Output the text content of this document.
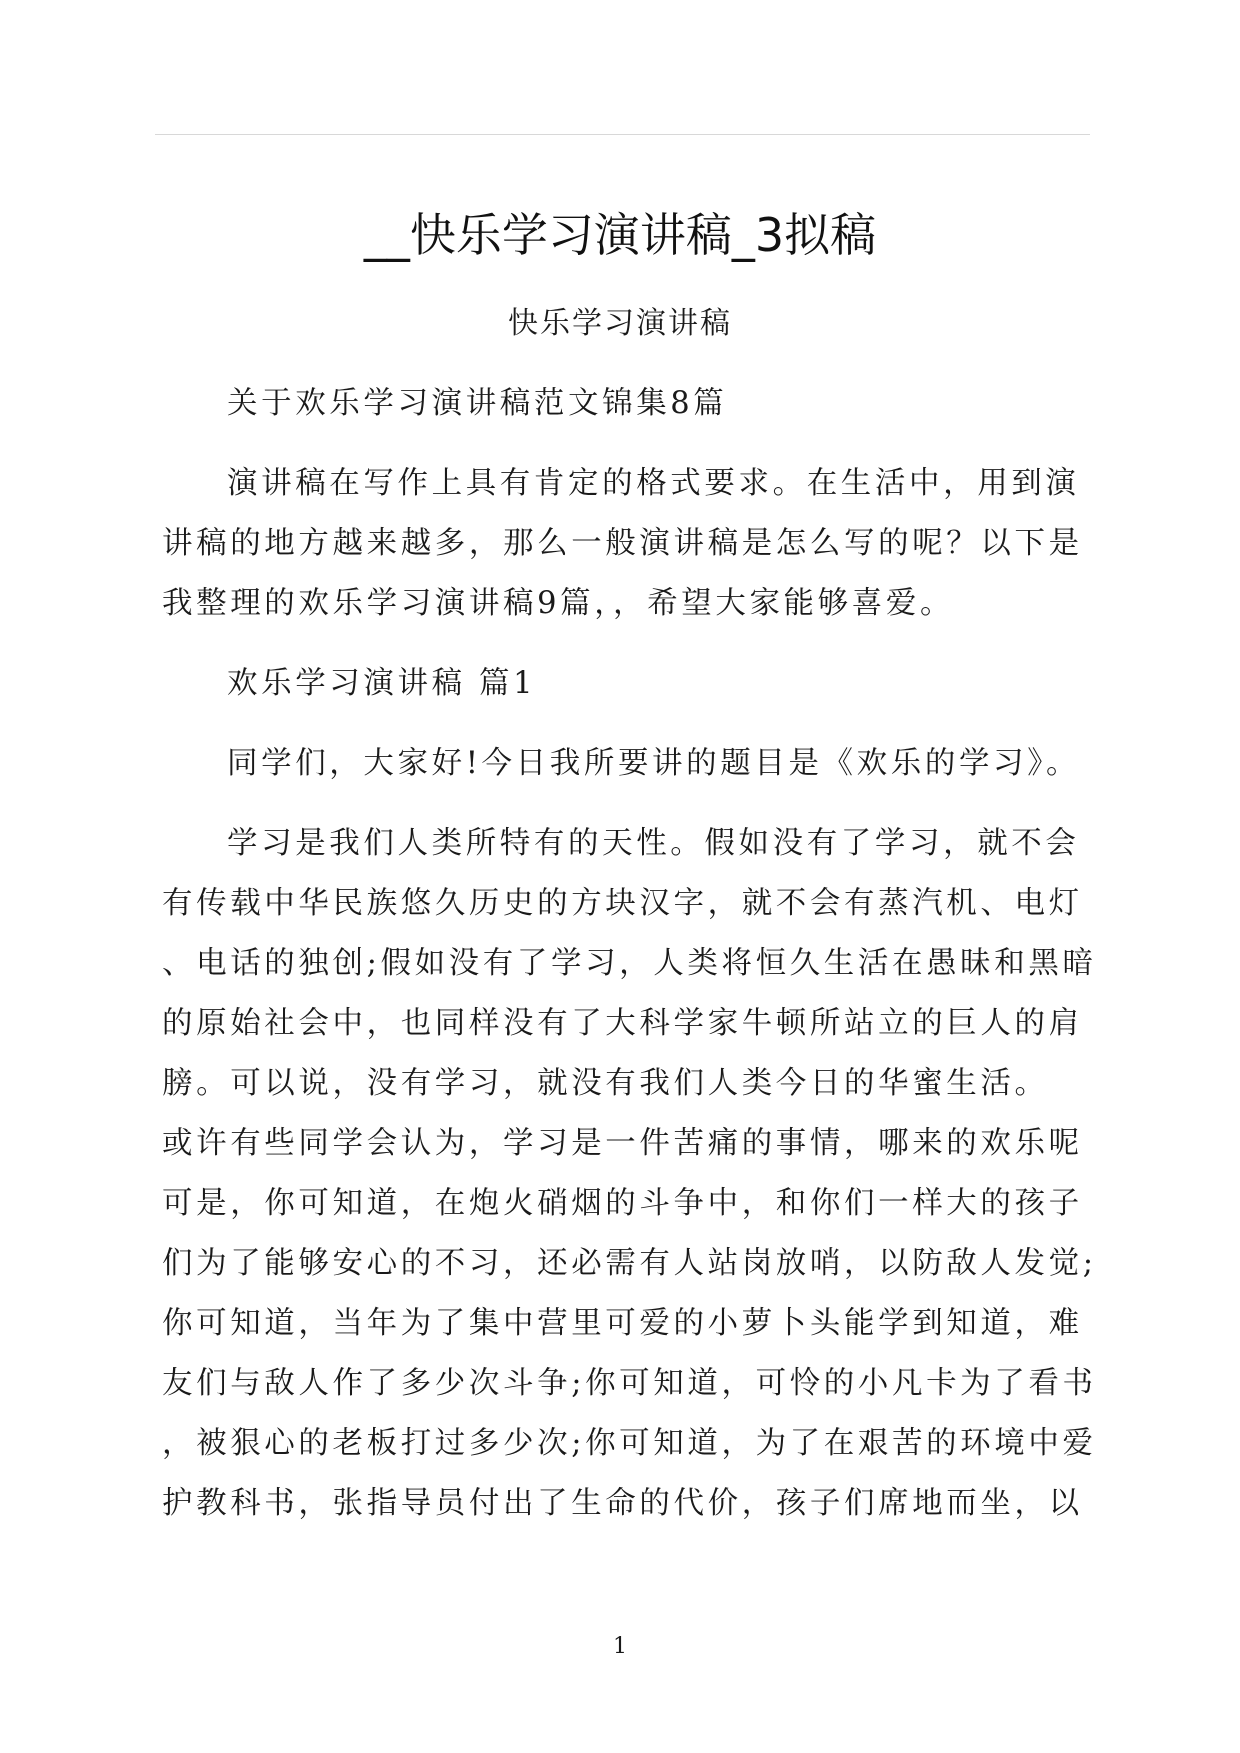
__快乐学习演讲稿_3拟稿
快乐学习演讲稿
关于欢乐学习演讲稿范文锦集8篇
演讲稿在写作上具有肯定的格式要求。在生活中，用到演
讲稿的地方越来越多，那么一般演讲稿是怎么写的呢？以下是
我整理的欢乐学习演讲稿9篇，，希望大家能够喜爱。
欢乐学习演讲稿 篇1
同学们，大家好!今日我所要讲的题目是《欢乐的学习》。
学习是我们人类所特有的天性。假如没有了学习，就不会
有传载中华民族悠久历史的方块汉字，就不会有蒸汽机、电灯
、电话的独创;假如没有了学习，人类将恒久生活在愚昧和黑暗
的原始社会中，也同样没有了大科学家牛顿所站立的巨人的肩
膀。可以说，没有学习，就没有我们人类今日的华蜜生活。
或许有些同学会认为，学习是一件苦痛的事情，哪来的欢乐呢
可是，你可知道，在炮火硝烟的斗争中，和你们一样大的孩子
们为了能够安心的不习，还必需有人站岗放哨，以防敌人发觉;
你可知道，当年为了集中营里可爱的小萝卜头能学到知道，难
友们与敌人作了多少次斗争;你可知道，可怜的小凡卡为了看书
，被狠心的老板打过多少次;你可知道，为了在艰苦的环境中爱
护教科书，张指导员付出了生命的代价，孩子们席地而坐，以
1
